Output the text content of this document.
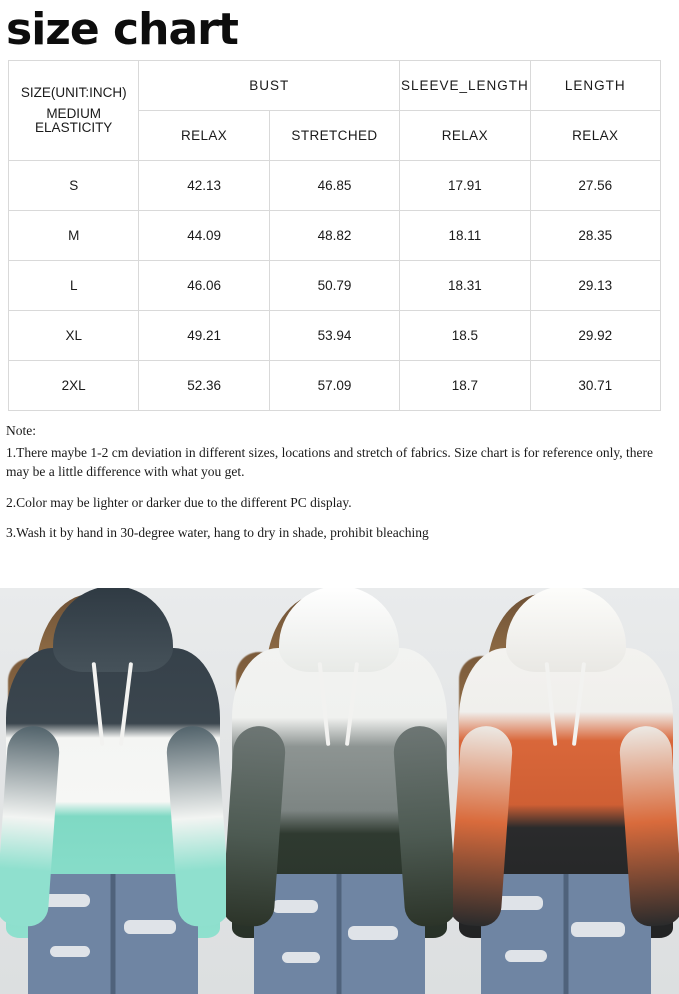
size chart
SIZE(UNIT:INCH)
MEDIUM ELASTICITY	BUST		SLEEVE_LENGTH	LENGTH
	RELAX	STRETCHED	RELAX	RELAX
S	42.13	46.85	17.91	27.56
M	44.09	48.82	18.11	28.35
L	46.06	50.79	18.31	29.13
XL	49.21	53.94	18.5	29.92
2XL	52.36	57.09	18.7	30.71

Note:

1.There maybe 1-2 cm deviation in different sizes, locations and stretch of fabrics. Size chart is for reference only, there may be a little difference with what you get.

2.Color may be lighter or darker due to the different PC display.

3.Wash it by hand in 30-degree water, hang to dry in shade, prohibit bleaching
